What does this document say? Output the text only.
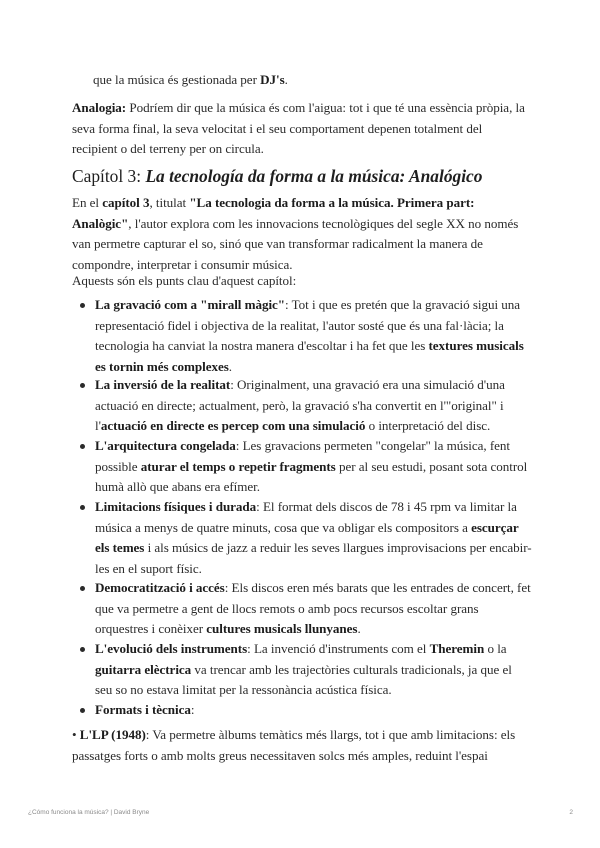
que la música és gestionada per DJ's.

Analogia: Podríem dir que la música és com l'aigua: tot i que té una essència pròpia, la seva forma final, la seva velocitat i el seu comportament depenen totalment del recipient o del terreny per on circula.

Capítol 3: La tecnología da forma a la música: Analógico

En el capítol 3, titulat "La tecnologia da forma a la música. Primera part: Analògic", l'autor explora com les innovacions tecnològiques del segle XX no només van permetre capturar el so, sinó que van transformar radicalment la manera de compondre, interpretar i consumir música.

Aquests són els punts clau d'aquest capítol:

La gravació com a "mirall màgic": Tot i que es pretén que la gravació sigui una representació fidel i objectiva de la realitat, l'autor sosté que és una fal·làcia; la tecnologia ha canviat la nostra manera d'escoltar i ha fet que les textures musicals es tornin més complexes.
La inversió de la realitat: Originalment, una gravació era una simulació d'una actuació en directe; actualment, però, la gravació s'ha convertit en l'"original" i l'actuació en directe es percep com una simulació o interpretació del disc.
L'arquitectura congelada: Les gravacions permeten "congelar" la música, fent possible aturar el temps o repetir fragments per al seu estudi, posant sota control humà allò que abans era efímer.
Limitacions físiques i durada: El format dels discos de 78 i 45 rpm va limitar la música a menys de quatre minuts, cosa que va obligar els compositors a escurçar els temes i als músics de jazz a reduir les seves llargues improvisacions per encabir-les en el suport físic.
Democratització i accés: Els discos eren més barats que les entrades de concert, fet que va permetre a gent de llocs remots o amb pocs recursos escoltar grans orquestres i conèixer cultures musicals llunyanes.
L'evolució dels instruments: La invenció d'instruments com el Theremin o la guitarra elèctrica va trencar amb les trajectòries culturals tradicionals, ja que el seu so no estava limitat per la ressonància acústica física.
Formats i tècnica:

• L'LP (1948): Va permetre àlbums temàtics més llargs, tot i que amb limitacions: els passatges forts o amb molts greus necessitaven solcs més amples, reduint l'espai

¿Cómo funciona la música? | David Bryne	2
